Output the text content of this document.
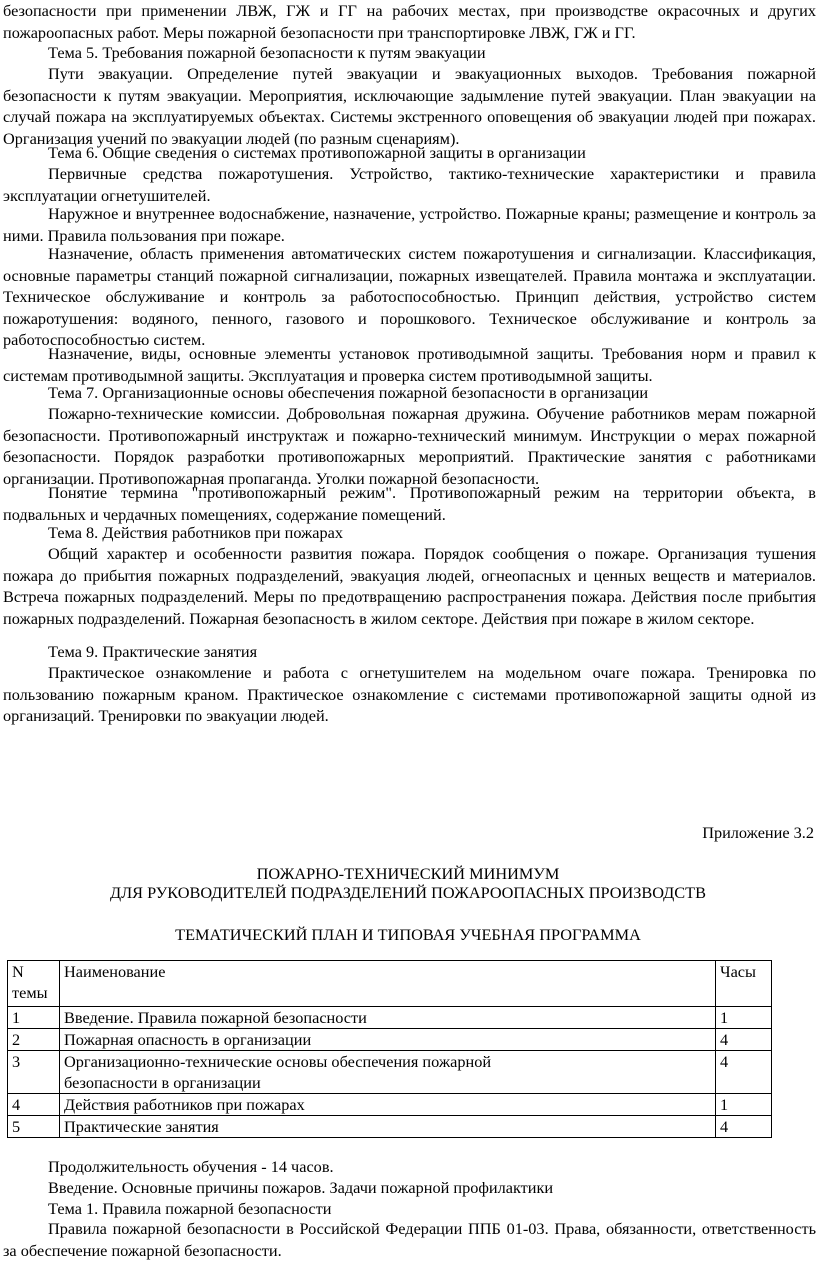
безопасности при применении ЛВЖ, ГЖ и ГГ на рабочих местах, при производстве окрасочных и других пожароопасных работ. Меры пожарной безопасности при транспортировке ЛВЖ, ГЖ и ГГ.

Тема 5. Требования пожарной безопасности к путям эвакуации

Пути эвакуации. Определение путей эвакуации и эвакуационных выходов. Требования пожарной безопасности к путям эвакуации. Мероприятия, исключающие задымление путей эвакуации. План эвакуации на случай пожара на эксплуатируемых объектах. Системы экстренного оповещения об эвакуации людей при пожарах. Организация учений по эвакуации людей (по разным сценариям).

Тема 6. Общие сведения о системах противопожарной защиты в организации

Первичные средства пожаротушения. Устройство, тактико-технические характеристики и правила эксплуатации огнетушителей.

Наружное и внутреннее водоснабжение, назначение, устройство. Пожарные краны; размещение и контроль за ними. Правила пользования при пожаре.

Назначение, область применения автоматических систем пожаротушения и сигнализации. Классификация, основные параметры станций пожарной сигнализации, пожарных извещателей. Правила монтажа и эксплуатации. Техническое обслуживание и контроль за работоспособностью. Принцип действия, устройство систем пожаротушения: водяного, пенного, газового и порошкового. Техническое обслуживание и контроль за работоспособностью систем.

Назначение, виды, основные элементы установок противодымной защиты. Требования норм и правил к системам противодымной защиты. Эксплуатация и проверка систем противодымной защиты.

Тема 7. Организационные основы обеспечения пожарной безопасности в организации

Пожарно-технические комиссии. Добровольная пожарная дружина. Обучение работников мерам пожарной безопасности. Противопожарный инструктаж и пожарно-технический минимум. Инструкции о мерах пожарной безопасности. Порядок разработки противопожарных мероприятий. Практические занятия с работниками организации. Противопожарная пропаганда. Уголки пожарной безопасности.

Понятие термина "противопожарный режим". Противопожарный режим на территории объекта, в подвальных и чердачных помещениях, содержание помещений.

Тема 8. Действия работников при пожарах

Общий характер и особенности развития пожара. Порядок сообщения о пожаре. Организация тушения пожара до прибытия пожарных подразделений, эвакуация людей, огнеопасных и ценных веществ и материалов. Встреча пожарных подразделений. Меры по предотвращению распространения пожара. Действия после прибытия пожарных подразделений. Пожарная безопасность в жилом секторе. Действия при пожаре в жилом секторе.

Тема 9. Практические занятия

Практическое ознакомление и работа с огнетушителем на модельном очаге пожара. Тренировка по пользованию пожарным краном. Практическое ознакомление с системами противопожарной защиты одной из организаций. Тренировки по эвакуации людей.

Приложение 3.2
ПОЖАРНО-ТЕХНИЧЕСКИЙ МИНИМУМ
ДЛЯ РУКОВОДИТЕЛЕЙ ПОДРАЗДЕЛЕНИЙ ПОЖАРООПАСНЫХ ПРОИЗВОДСТВ
ТЕМАТИЧЕСКИЙ ПЛАН И ТИПОВАЯ УЧЕБНАЯ ПРОГРАММА
N темы	Наименование	Часы
1	Введение. Правила пожарной безопасности	1
2	Пожарная опасность в организации	4
3	Организационно-технические основы обеспечения пожарной безопасности в организации	4
4	Действия работников при пожарах	1
5	Практические занятия	4

Продолжительность обучения - 14 часов.

Введение. Основные причины пожаров. Задачи пожарной профилактики

Тема 1. Правила пожарной безопасности

Правила пожарной безопасности в Российской Федерации ППБ 01-03. Права, обязанности, ответственность за обеспечение пожарной безопасности.
